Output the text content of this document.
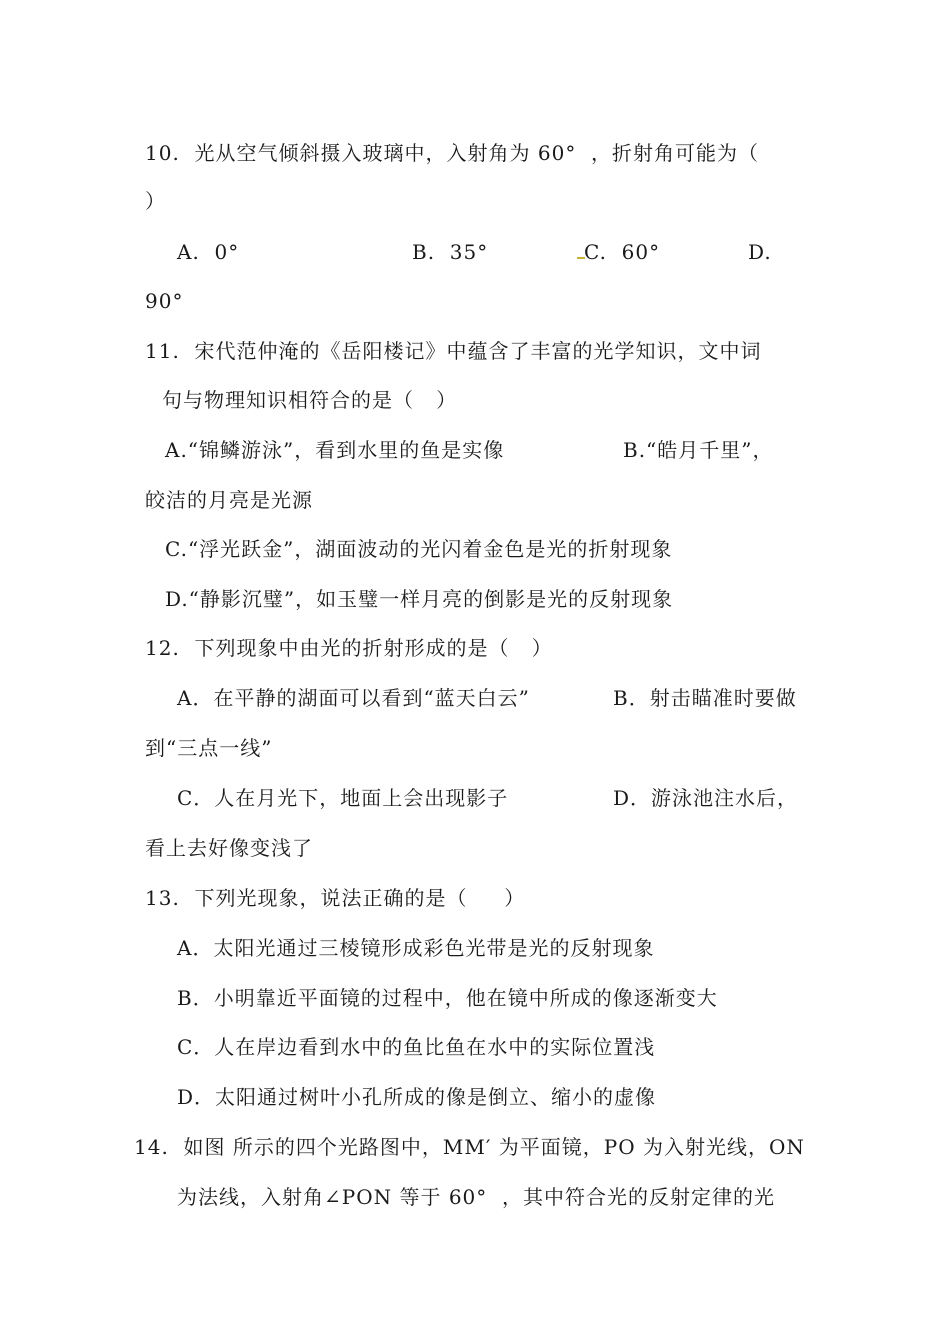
10.  光从空气倾斜摄入玻璃中，入射角为 60°  ，折射角可能为（
）
A.  0°	B.  35°	C.  60°	D.
90°
11.  宋代范仲淹的《岳阳楼记》中蕴含了丰富的光学知识，文中词
句与物理知识相符合的是（   ）
A.“锦鳞游泳”，看到水里的鱼是实像	B.“皓月千里”，
皎洁的月亮是光源
C.“浮光跃金”，湖面波动的光闪着金色是光的折射现象
D.“静影沉璧”，如玉璧一样月亮的倒影是光的反射现象
12.  下列现象中由光的折射形成的是（   ）
A．在平静的湖面可以看到“蓝天白云”	B．射击瞄准时要做
到“三点一线”
C．人在月光下，地面上会出现影子	D．游泳池注水后，
看上去好像变浅了
13.  下列光现象，说法正确的是（     ）
A．太阳光通过三棱镜形成彩色光带是光的反射现象
B．小明靠近平面镜的过程中，他在镜中所成的像逐渐变大
C．人在岸边看到水中的鱼比鱼在水中的实际位置浅
D．太阳通过树叶小孔所成的像是倒立、缩小的虚像
14.  如图 所示的四个光路图中，MM′ 为平面镜，PO 为入射光线，ON
为法线，入射角∠PON 等于 60°  ，其中符合光的反射定律的光
